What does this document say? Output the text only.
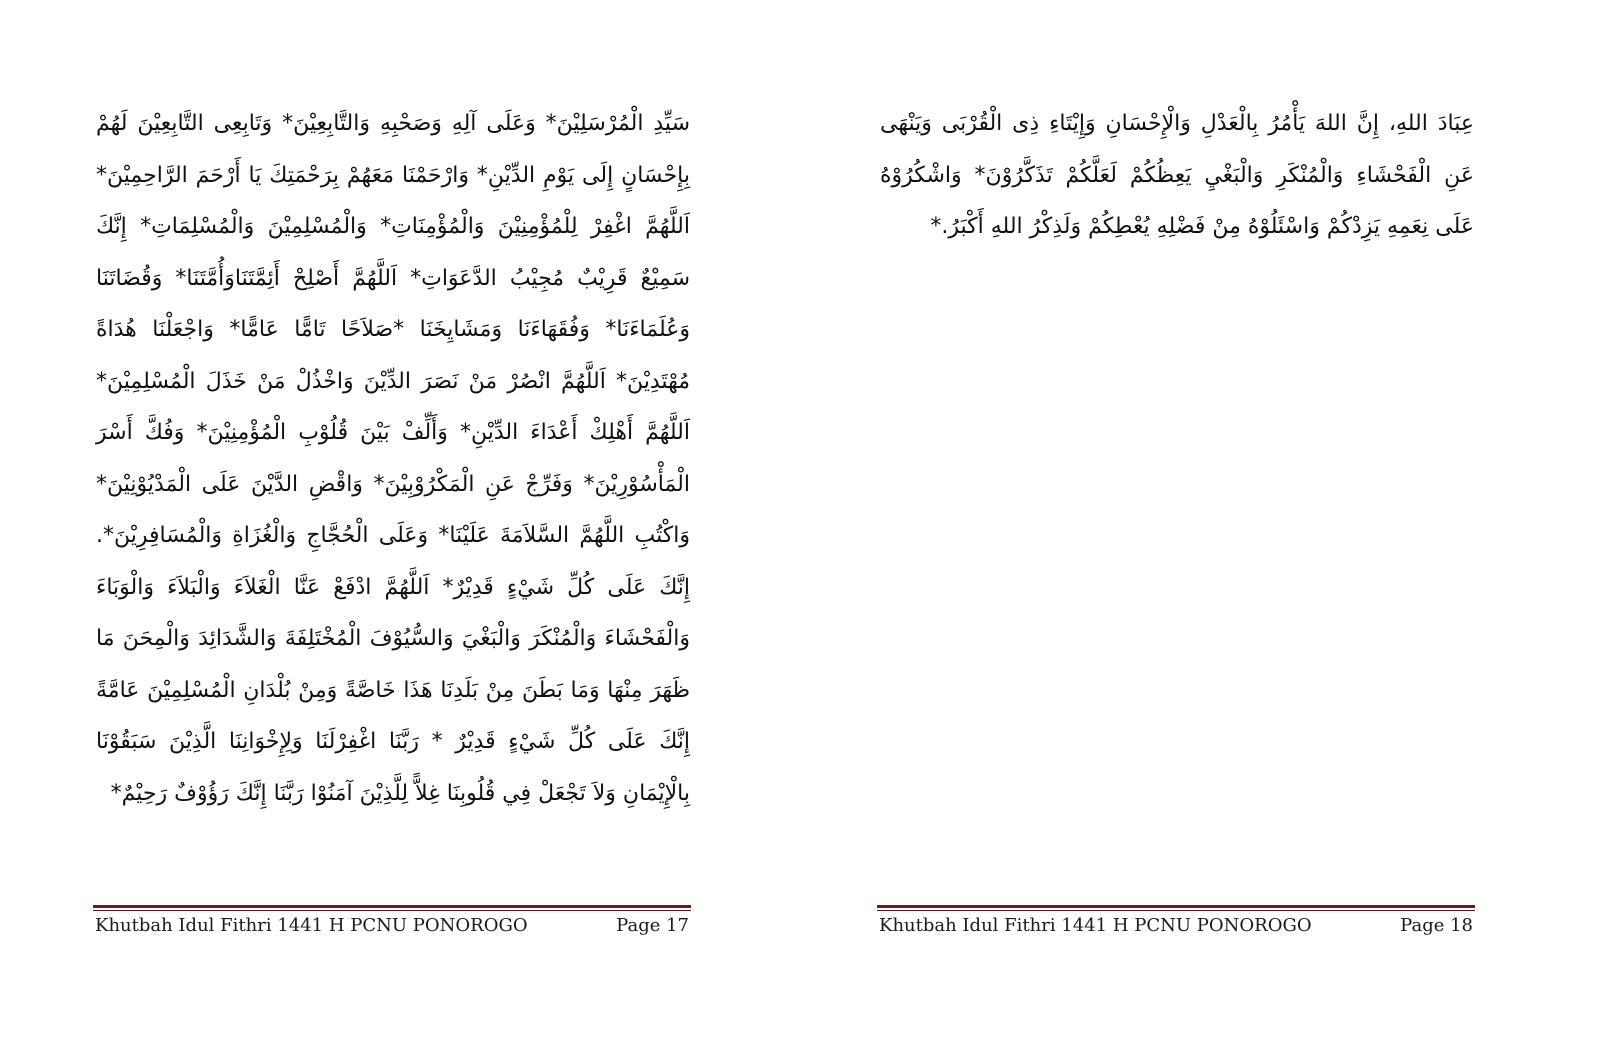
سَيِّدِ الْمُرْسَلِيْنَ* وَعَلَى آلِهِ وَصَحْبِهِ وَالتَّابِعِيْنَ* وَتَابِعِى التَّابِعِيْنَ لَهُمْ بِإِحْسَانٍ إِلَى يَوْمِ الدِّيْنِ* وَارْحَمْنَا مَعَهُمْ بِرَحْمَتِكَ يَا أَرْحَمَ الرَّاحِمِيْنَ* اَللَّهُمَّ اغْفِرْ لِلْمُؤْمِنِيْنَ وَالْمُؤْمِنَاتِ* وَالْمُسْلِمِيْنَ وَالْمُسْلِمَاتِ* إِنَّكَ سَمِيْعٌ قَرِيْبٌ مُجِيْبُ الدَّعَوَاتِ* اَللَّهُمَّ أَصْلِحْ أَئِمَّتَنَاوَأُمَّتَنَا* وَقُضَاتَنَا وَعُلَمَاءَنَا* وَفُقَهَاءَنَا وَمَشَايِخَنَا *صَلاَحًا تَامًّا عَامًّا* وَاجْعَلْنَا هُدَاةً مُهْتَدِيْنَ* اَللَّهُمَّ انْصُرْ مَنْ نَصَرَ الدِّيْنَ وَاخْذُلْ مَنْ خَذَلَ الْمُسْلِمِيْنَ* اَللَّهُمَّ أَهْلِكْ أَعْدَاءَ الدِّيْنِ* وَأَلِّفْ بَيْنَ قُلُوْبِ الْمُؤْمِنِيْنَ* وَفُكَّ أَسْرَ الْمَأْسُوْرِيْنَ* وَفَرِّجْ عَنِ الْمَكْرُوْبِيْنَ* وَاقْضِ الدَّيْنَ عَلَى الْمَدْيُوْنِيْنَ* وَاكْتُبِ اللَّهُمَّ السَّلاَمَةَ عَلَيْنَا* وَعَلَى الْحُجَّاجِ وَالْغُزَاةِ وَالْمُسَافِرِيْنَ*. إِنَّكَ عَلَى كُلِّ شَيْءٍ قَدِيْرٌ* اَللَّهُمَّ ادْفَعْ عَنَّا الْغَلاَءَ وَالْبَلاَءَ وَالْوَبَاءَ وَالْفَحْشَاءَ وَالْمُنْكَرَ وَالْبَغْيَ وَالسُّيُوْفَ الْمُخْتَلِفَةَ وَالشَّدَائِدَ وَالْمِحَنَ مَا ظَهَرَ مِنْهَا وَمَا بَطَنَ مِنْ بَلَدِنَا هَذَا خَاصَّةً وَمِنْ بُلْدَانِ الْمُسْلِمِيْنَ عَامَّةً إِنَّكَ عَلَى كُلِّ شَيْءٍ قَدِيْرٌ * رَبَّنَا اغْفِرْلَنَا وَلِإِخْوَانِنَا الَّذِيْنَ سَبَقُوْنَا بِالْإِيْمَانِ وَلاَ تَجْعَلْ فِي قُلُوبِنَا غِلاًّ لِلَّذِيْنَ آمَنُوْا رَبَّنَا إِنَّكَ رَؤُوْفٌ رَحِيْمٌ*
Khutbah Idul Fithri 1441 H PCNU PONOROGO	Page 17
عِبَادَ اللهِ، إِنَّ اللهَ يَأْمُرُ بِالْعَدْلِ وَالْإِحْسَانِ وَإِيْتَاءِ ذِى الْقُرْبَى وَيَنْهَى عَنِ الْفَحْشَاءِ وَالْمُنْكَرِ وَالْبَغْيِ يَعِظُكُمْ لَعَلَّكُمْ تَذَكَّرُوْنَ* وَاشْكُرُوْهُ عَلَى نِعَمِهِ يَزِدْكُمْ وَاسْئَلُوْهُ مِنْ فَضْلِهِ يُعْطِكُمْ وَلَذِكْرُ اللهِ أَكْبَرُ.*
Khutbah Idul Fithri 1441 H PCNU PONOROGO	Page 18
